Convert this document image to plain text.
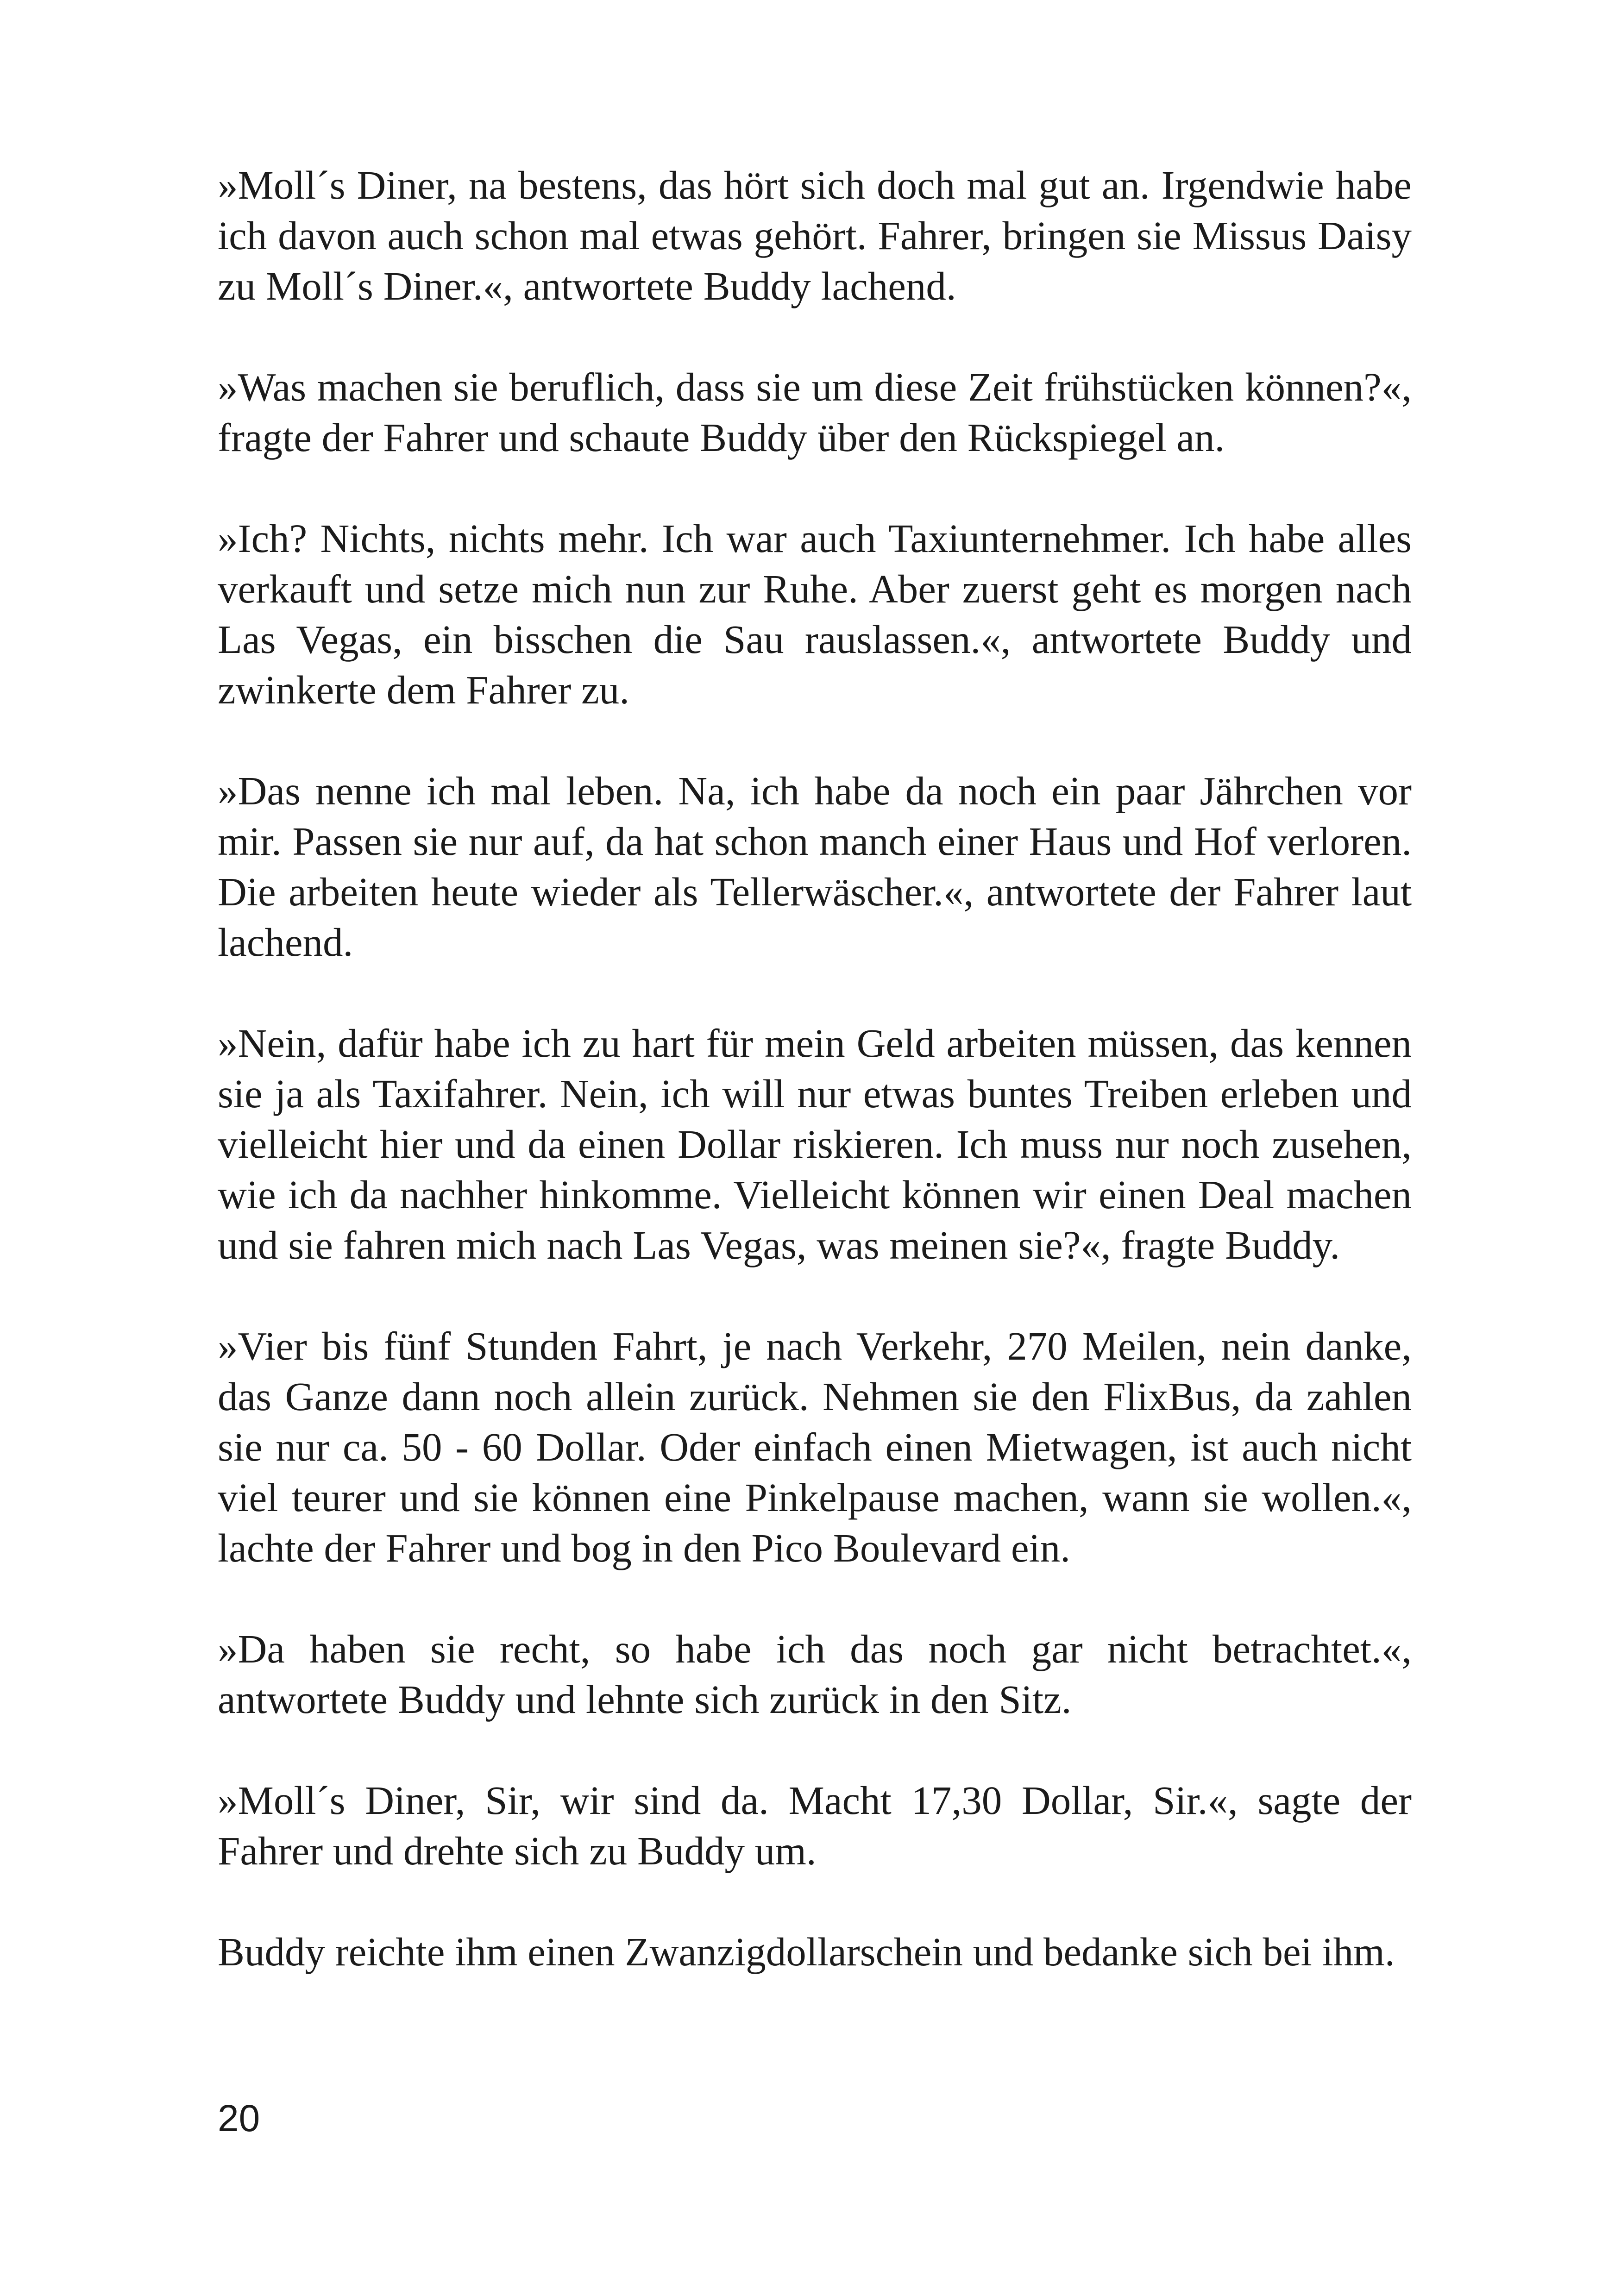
»Moll´s Diner, na bestens, das hört sich doch mal gut an. Irgendwie habe ich davon auch schon mal etwas gehört. Fahrer, bringen sie Missus Daisy zu Moll´s Diner.«, antwortete Buddy lachend.

»Was machen sie beruflich, dass sie um diese Zeit frühstücken können?«, fragte der Fahrer und schaute Buddy über den Rückspiegel an.

»Ich? Nichts, nichts mehr. Ich war auch Taxiunternehmer. Ich habe alles verkauft und setze mich nun zur Ruhe. Aber zuerst geht es morgen nach Las Vegas, ein bisschen die Sau rauslassen.«, antwortete Buddy und zwinkerte dem Fahrer zu.

»Das nenne ich mal leben. Na, ich habe da noch ein paar Jährchen vor mir. Passen sie nur auf, da hat schon manch einer Haus und Hof verloren. Die arbeiten heute wieder als Tellerwäscher.«, antwortete der Fahrer laut lachend.

»Nein, dafür habe ich zu hart für mein Geld arbeiten müssen, das kennen sie ja als Taxifahrer. Nein, ich will nur etwas buntes Treiben erleben und vielleicht hier und da einen Dollar riskieren. Ich muss nur noch zusehen, wie ich da nachher hinkomme. Vielleicht können wir einen Deal machen und sie fahren mich nach Las Vegas, was meinen sie?«, fragte Buddy.

»Vier bis fünf Stunden Fahrt, je nach Verkehr, 270 Meilen, nein danke, das Ganze dann noch allein zurück. Nehmen sie den FlixBus, da zahlen sie nur ca. 50 - 60 Dollar. Oder einfach einen Mietwagen, ist auch nicht viel teurer und sie können eine Pinkelpause machen, wann sie wollen.«, lachte der Fahrer und bog in den Pico Boulevard ein.

»Da haben sie recht, so habe ich das noch gar nicht betrachtet.«, antwortete Buddy und lehnte sich zurück in den Sitz.

»Moll´s Diner, Sir, wir sind da. Macht 17,30 Dollar, Sir.«, sagte der Fahrer und drehte sich zu Buddy um.

Buddy reichte ihm einen Zwanzigdollarschein und bedanke sich bei ihm.

20
